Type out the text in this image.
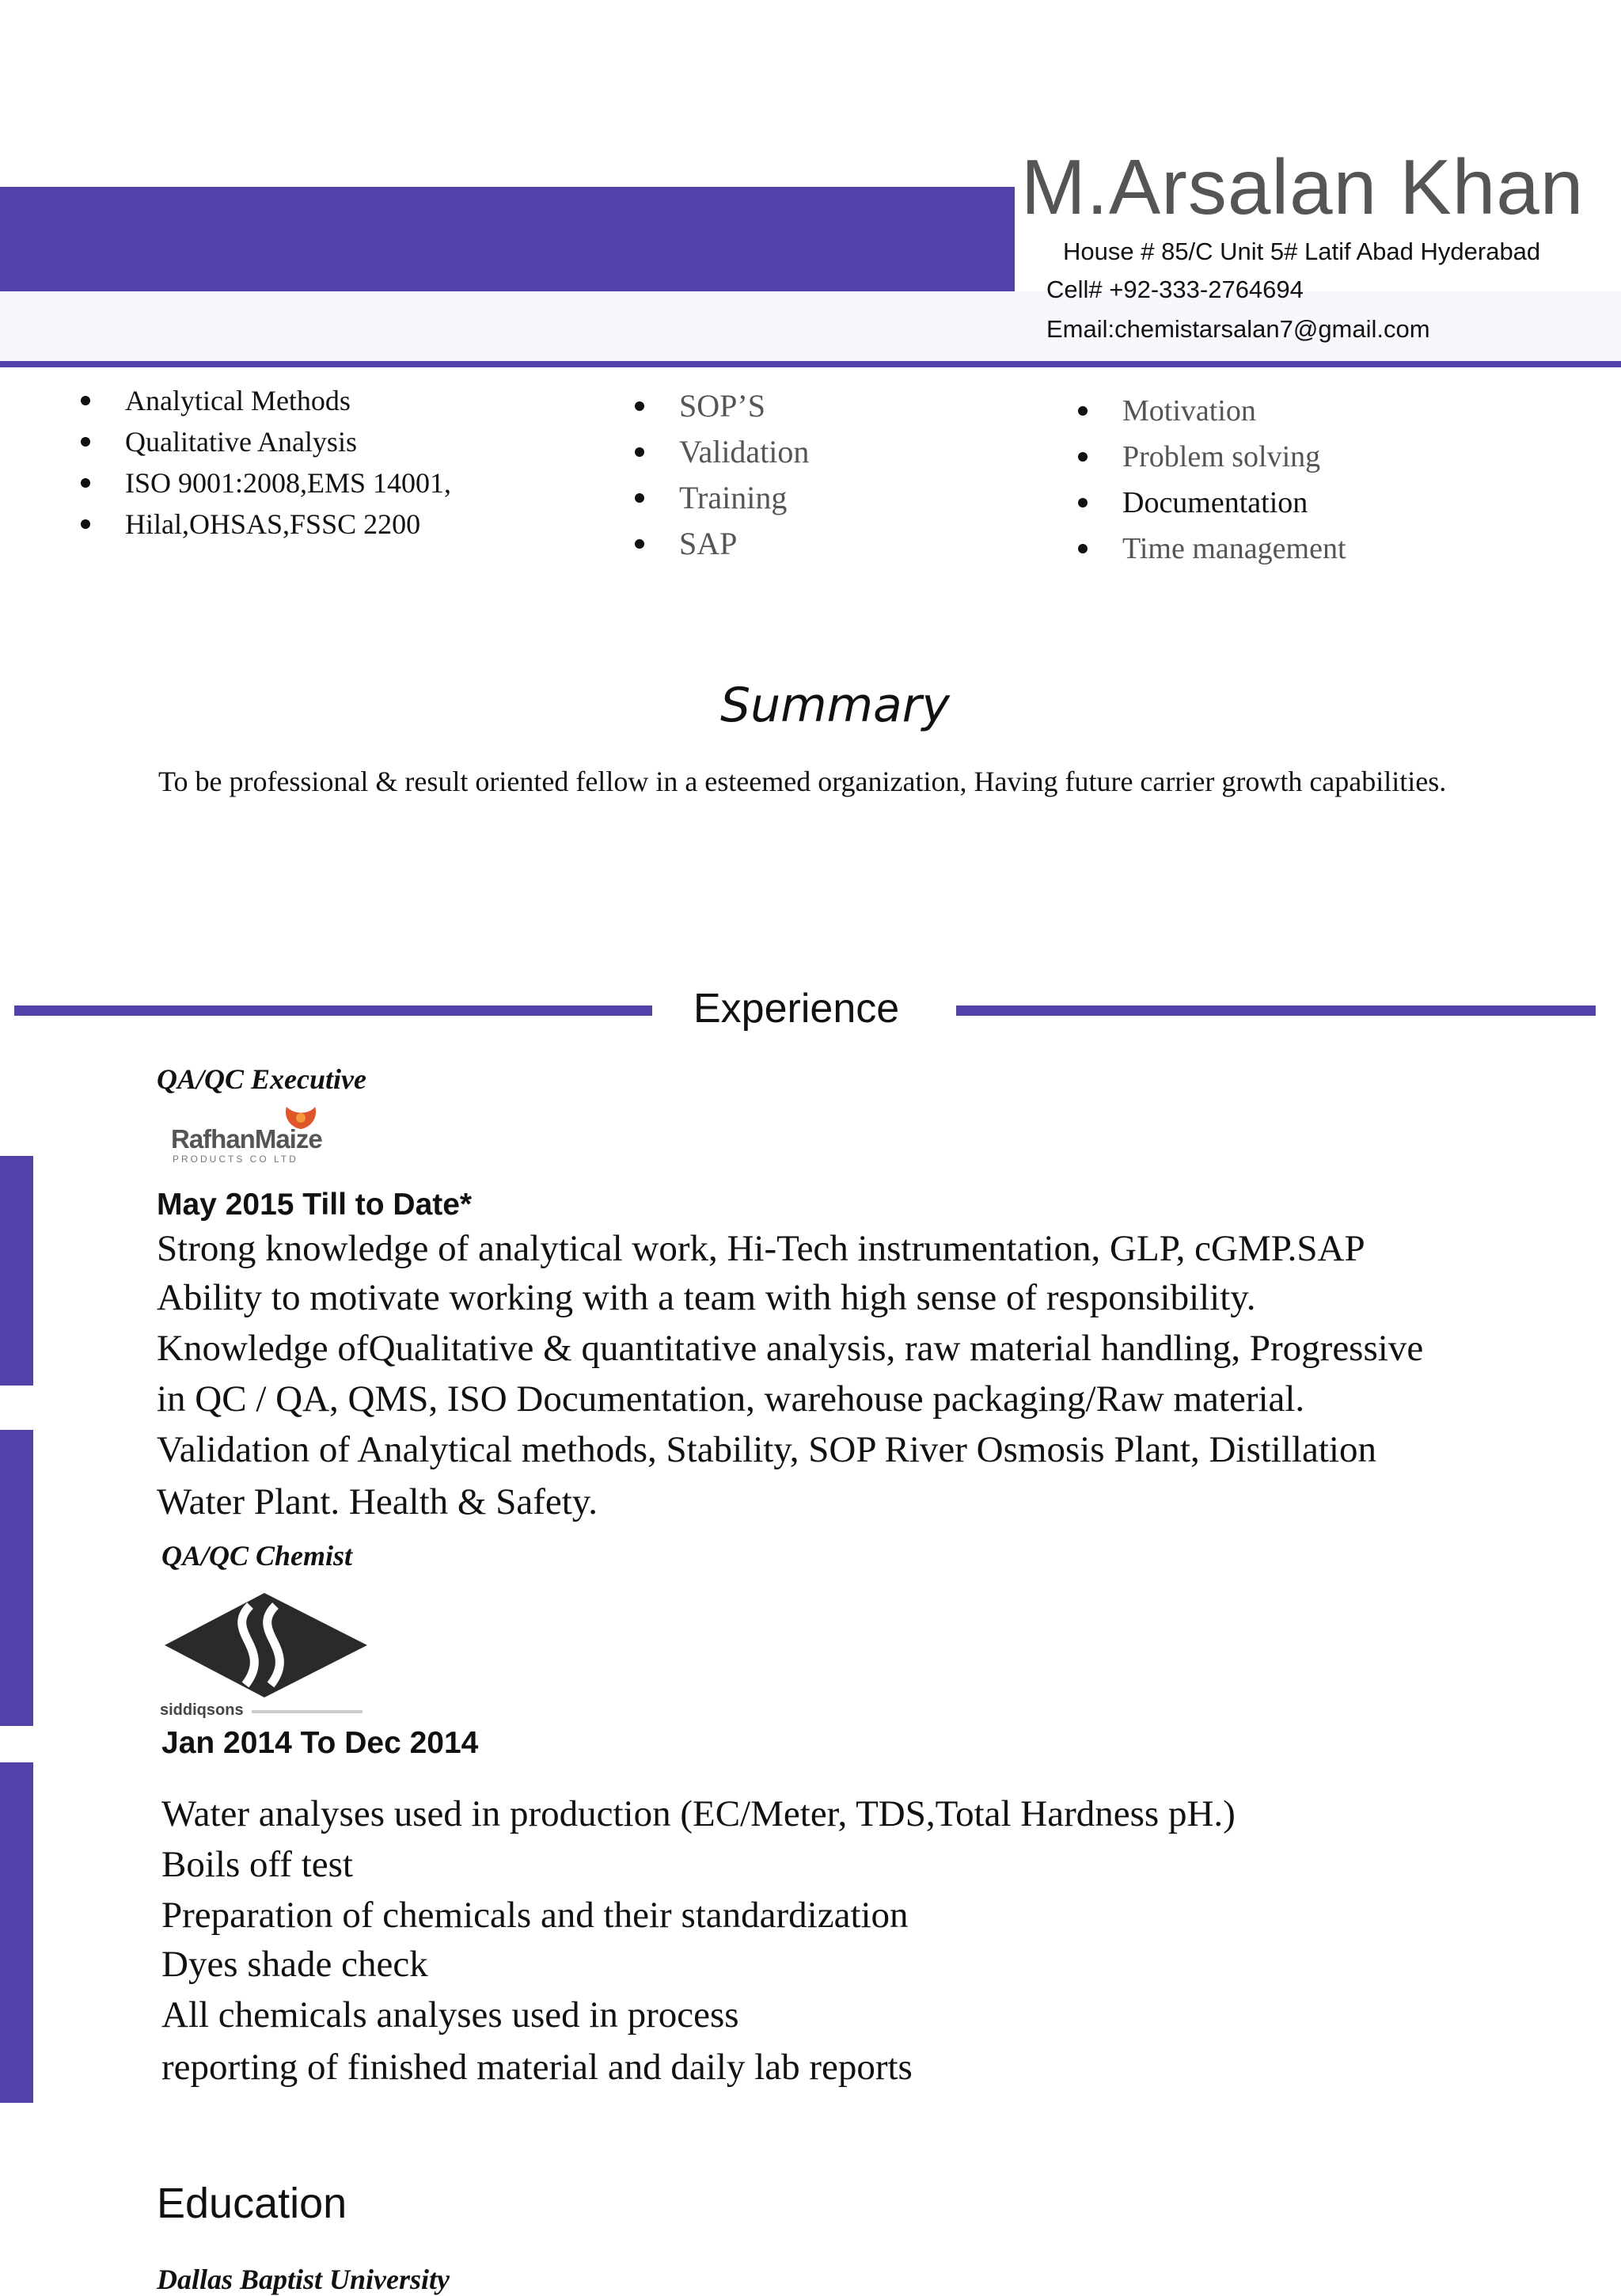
M.Arsalan Khan
House # 85/C Unit 5# Latif Abad Hyderabad
Cell# +92-333-2764694
Email:chemistarsalan7@gmail.com
Analytical Methods
Qualitative Analysis
ISO 9001:2008,EMS 14001,
Hilal,OHSAS,FSSC 2200
SOP’S
Validation
Training
SAP
Motivation
Problem solving
Documentation
Time management
Summary
To be professional & result oriented fellow in a esteemed organization, Having future carrier growth capabilities.
Experience
QA/QC Executive
RafhanMaize
PRODUCTS CO LTD
May 2015 Till to Date*
Strong knowledge of analytical work, Hi-Tech instrumentation, GLP, cGMP.SAP
Ability to motivate working with a team with high sense of responsibility.
Knowledge ofQualitative & quantitative analysis, raw material handling, Progressive
in QC / QA, QMS, ISO Documentation, warehouse packaging/Raw material.
Validation of Analytical methods, Stability, SOP River Osmosis Plant, Distillation
Water Plant. Health & Safety.
QA/QC Chemist
siddiqsons
Jan 2014 To Dec 2014
Water analyses used in production (EC/Meter, TDS,Total Hardness pH.)
Boils off test
Preparation of chemicals and their standardization
Dyes shade check
All chemicals analyses used in process
reporting of finished material and daily lab reports
Education
Dallas Baptist University
